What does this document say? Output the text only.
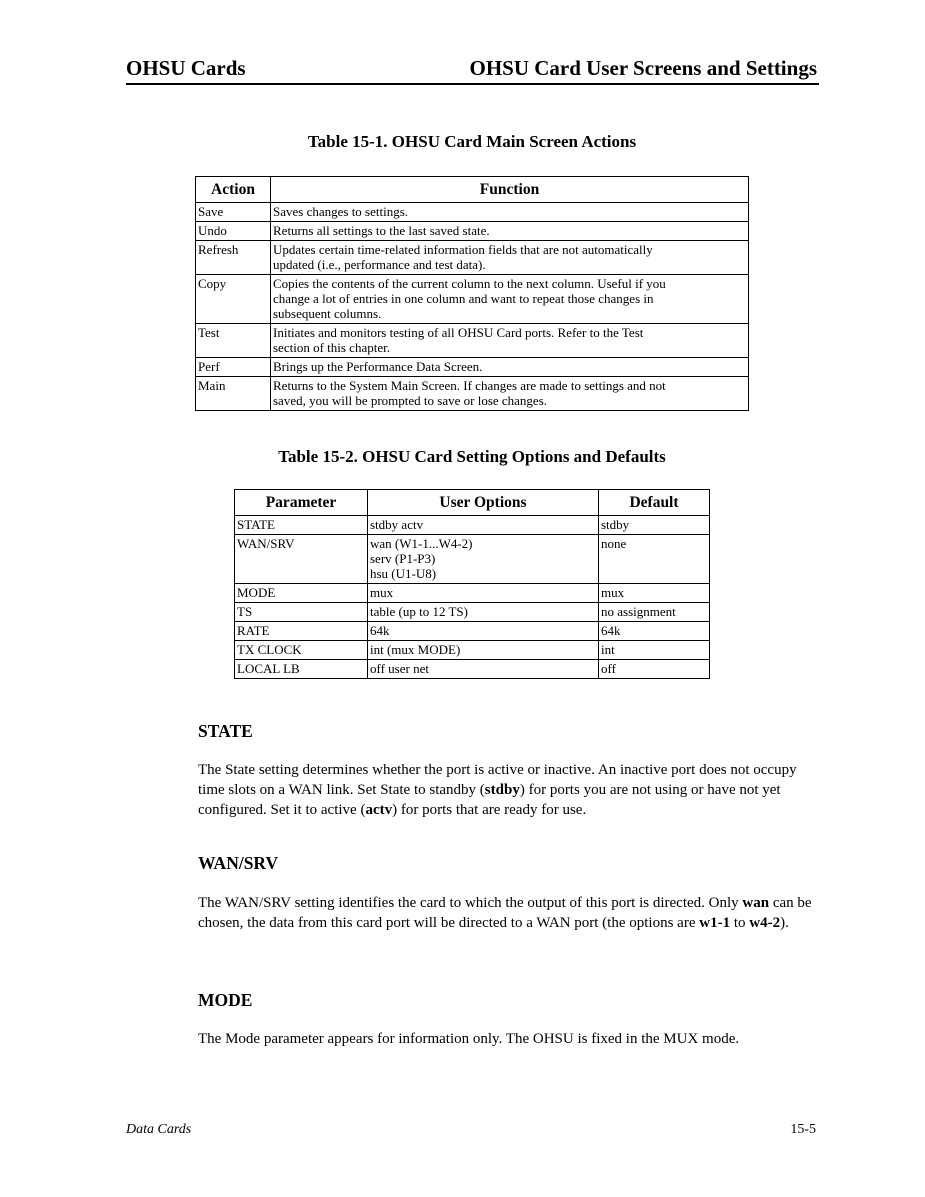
OHSU Cards	OHSU Card User Screens and Settings
Table 15-1. OHSU Card Main Screen Actions
Action	Function
Save	Saves changes to settings.

Undo	Returns all settings to the last saved state.

Refresh	Updates certain time-related information fields that are not automatically
updated (i.e., performance and test data).

Copy	Copies the contents of the current column to the next column. Useful if you
change a lot of entries in one column and want to repeat those changes in
subsequent columns.

Test	Initiates and monitors testing of all OHSU Card ports. Refer to the Test
section of this chapter.

Perf	Brings up the Performance Data Screen.

Main	Returns to the System Main Screen. If changes are made to settings and not
saved, you will be prompted to save or lose changes.
Table 15-2. OHSU Card Setting Options and Defaults
Parameter	User Options	Default
STATE	stdby actv	stdby
WAN/SRV	wan (W1-1...W4-2)
serv (P1-P3)
hsu (U1-U8)	none
MODE	mux	mux
TS	table (up to 12 TS)	no assignment
RATE	64k	64k
TX CLOCK	int (mux MODE)	int
LOCAL LB	off user net	off
STATE
The State setting determines whether the port is active or inactive. An inactive port does not occupy time slots on a WAN link. Set State to standby (stdby) for ports you are not using or have not yet configured. Set it to active (actv) for ports that are ready for use.
WAN/SRV
The WAN/SRV setting identifies the card to which the output of this port is directed. Only wan can be chosen, the data from this card port will be directed to a WAN port (the options are w1-1 to w4-2).
MODE
The Mode parameter appears for information only. The OHSU is fixed in the MUX mode.
Data Cards	15-5
